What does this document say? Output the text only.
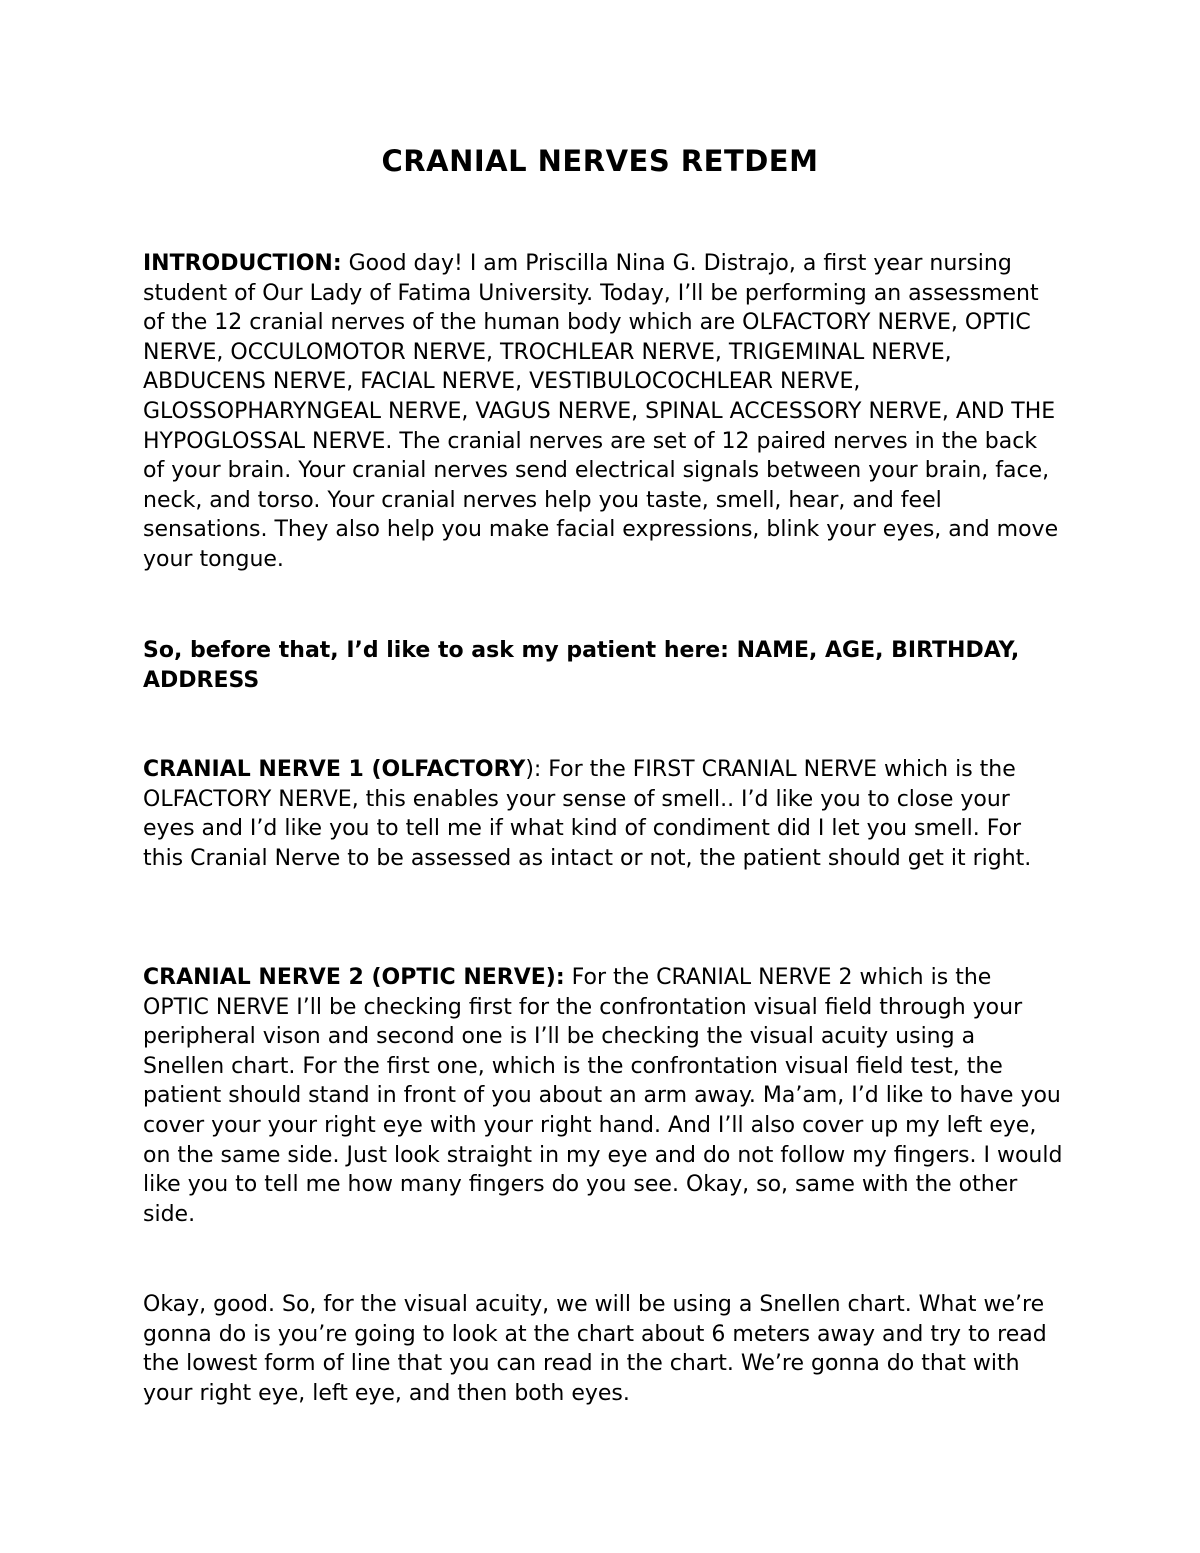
CRANIAL NERVES RETDEM

INTRODUCTION: Good day! I am Priscilla Nina G. Distrajo, a first year nursing student of Our Lady of Fatima University. Today, I’ll be performing an assessment of the 12 cranial nerves of the human body which are OLFACTORY NERVE, OPTIC NERVE, OCCULOMOTOR NERVE, TROCHLEAR NERVE, TRIGEMINAL NERVE, ABDUCENS NERVE, FACIAL NERVE, VESTIBULOCOCHLEAR NERVE, GLOSSOPHARYNGEAL NERVE, VAGUS NERVE, SPINAL ACCESSORY NERVE, AND THE HYPOGLOSSAL NERVE. The cranial nerves are set of 12 paired nerves in the back of your brain. Your cranial nerves send electrical signals between your brain, face, neck, and torso. Your cranial nerves help you taste, smell, hear, and feel sensations. They also help you make facial expressions, blink your eyes, and move your tongue.

So, before that, I’d like to ask my patient here: NAME, AGE, BIRTHDAY, ADDRESS

CRANIAL NERVE 1 (OLFACTORY): For the FIRST CRANIAL NERVE which is the OLFACTORY NERVE, this enables your sense of smell.. I’d like you to close your eyes and I’d like you to tell me if what kind of condiment did I let you smell. For this Cranial Nerve to be assessed as intact or not, the patient should get it right.

CRANIAL NERVE 2 (OPTIC NERVE): For the CRANIAL NERVE 2 which is the OPTIC NERVE I’ll be checking first for the confrontation visual field through your peripheral vison and second one is I’ll be checking the visual acuity using a Snellen chart. For the first one, which is the confrontation visual field test, the patient should stand in front of you about an arm away. Ma’am, I’d like to have you cover your your right eye with your right hand. And I’ll also cover up my left eye, on the same side. Just look straight in my eye and do not follow my fingers. I would like you to tell me how many fingers do you see. Okay, so, same with the other side.

Okay, good. So, for the visual acuity, we will be using a Snellen chart. What we’re gonna do is you’re going to look at the chart about 6 meters away and try to read the lowest form of line that you can read in the chart. We’re gonna do that with your right eye, left eye, and then both eyes.
